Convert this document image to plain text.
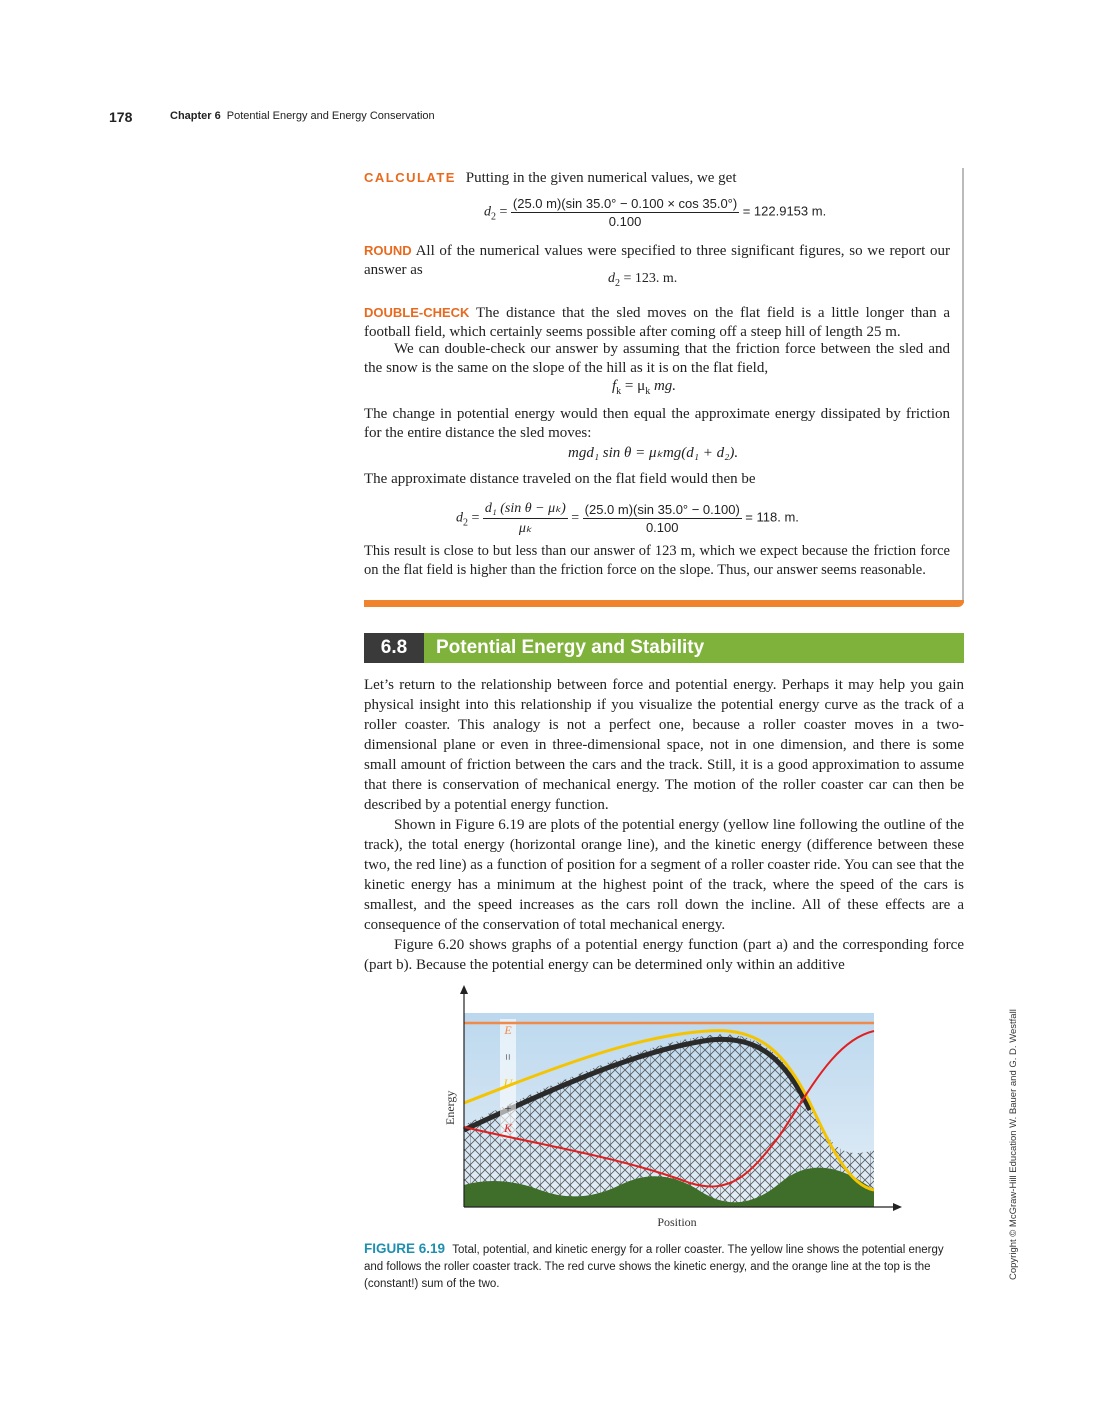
178	Chapter 6 Potential Energy and Energy Conservation
CALCULATE Putting in the given numerical values, we get
$d_2 = \frac{(25.0 m)(\sin 35.0^\circ - 0.100 \times \cos 35.0^\circ)}{0.100} = 122.9153$ m.
ROUND All of the numerical values were specified to three significant figures, so we report our answer as
$d_2 = 123$. m.
DOUBLE-CHECK The distance that the sled moves on the flat field is a little longer than a football field, which certainly seems possible after coming off a steep hill of length 25 m.
We can double-check our answer by assuming that the friction force between the sled and the snow is the same on the slope of the hill as it is on the flat field,
$f_k = \mu_k$ mg.
The change in potential energy would then equal the approximate energy dissipated by friction for the entire distance the sled moves:
mgd₁ sin θ = μₖmg(d₁ + d₂).
The approximate distance traveled on the flat field would then be
$d_2 = \frac{\text{d₁ (sin θ − μₖ)}}{\text{μₖ}} = \frac{(25.0 m)(\sin 35.0^\circ - 0.100)}{0.100} = 118$. m.
This result is close to but less than our answer of 123 m, which we expect because the friction force on the flat field is higher than the friction force on the slope. Thus, our answer seems reasonable.
6.8	Potential Energy and Stability
Let’s return to the relationship between force and potential energy. Perhaps it may help you gain physical insight into this relationship if you visualize the potential energy curve as the track of a roller coaster. This analogy is not a perfect one, because a roller coaster moves in a two-dimensional plane or even in three-dimensional space, not in one dimension, and there is some small amount of friction between the cars and the track. Still, it is a good approximation to assume that there is conservation of mechanical energy. The motion of the roller coaster car can then be described by a potential energy function.
Shown in Figure 6.19 are plots of the potential energy (yellow line following the outline of the track), the total energy (horizontal orange line), and the kinetic energy (difference between these two, the red line) as a function of position for a segment of a roller coaster ride. You can see that the kinetic energy has a minimum at the highest point of the track, where the speed of the cars is smallest, and the speed increases as the cars roll down the incline. All of these effects are a consequence of the conservation of total mechanical energy.
Figure 6.20 shows graphs of a potential energy function (part a) and the corresponding force (part b). Because the potential energy can be determined only within an additive
Energy
Position
E
=
U
+
K
FIGURE 6.19 Total, potential, and kinetic energy for a roller coaster. The yellow line shows the potential energy and follows the roller coaster track. The red curve shows the kinetic energy, and the orange line at the top is the (constant!) sum of the two.
Copyright © McGraw-Hill Education W. Bauer and G. D. Westfall
